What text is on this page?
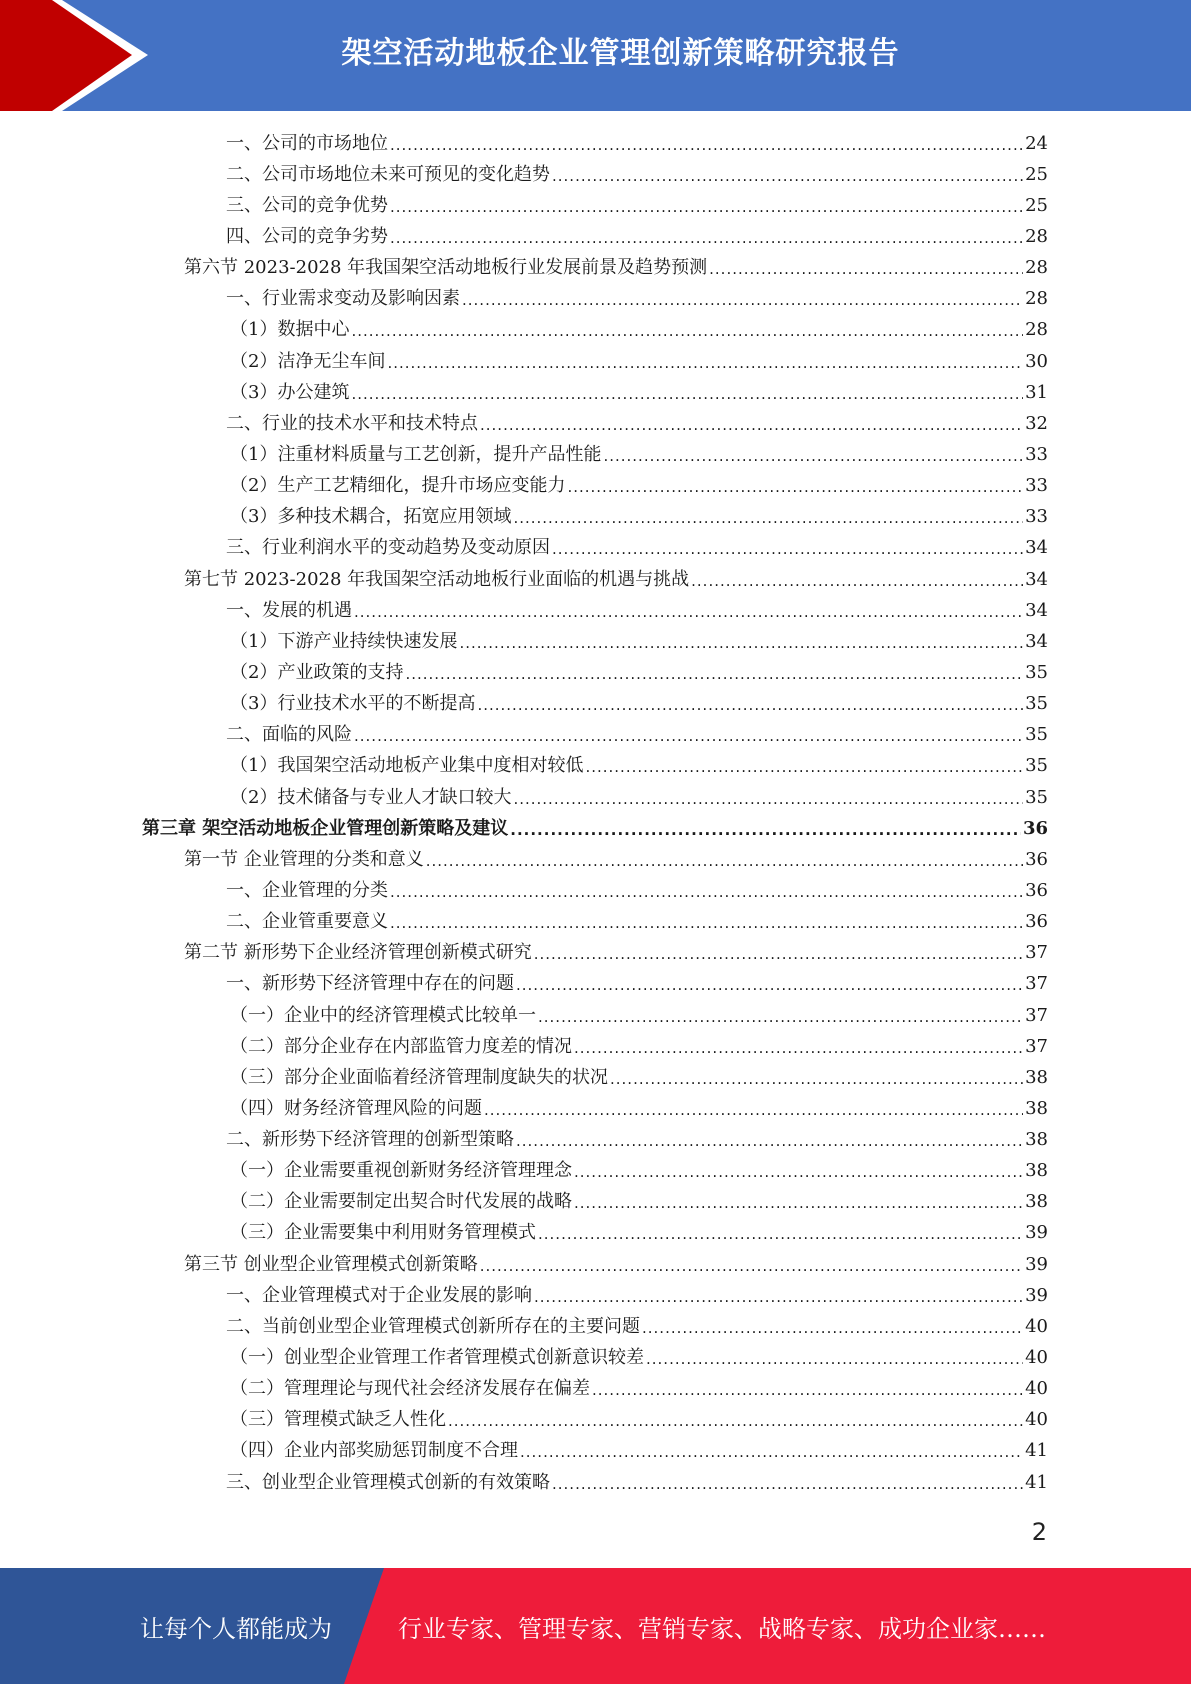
架空活动地板企业管理创新策略研究报告
一、公司的市场地位 .....	24
二、公司市场地位未来可预见的变化趋势 .....	25
三、公司的竞争优势 .....	25
四、公司的竞争劣势 .....	28
第六节 2023-2028 年我国架空活动地板行业发展前景及趋势预测 .....	28
一、行业需求变动及影响因素 .....	28
（1）数据中心 .....	28
（2）洁净无尘车间 .....	30
（3）办公建筑 .....	31
二、行业的技术水平和技术特点 .....	32
（1）注重材料质量与工艺创新，提升产品性能 .....	33
（2）生产工艺精细化，提升市场应变能力 .....	33
（3）多种技术耦合，拓宽应用领域 .....	33
三、行业利润水平的变动趋势及变动原因 .....	34
第七节 2023-2028 年我国架空活动地板行业面临的机遇与挑战 .....	34
一、发展的机遇 .....	34
（1）下游产业持续快速发展 .....	34
（2）产业政策的支持 .....	35
（3）行业技术水平的不断提高 .....	35
二、面临的风险 .....	35
（1）我国架空活动地板产业集中度相对较低 .....	35
（2）技术储备与专业人才缺口较大 .....	35
第三章 架空活动地板企业管理创新策略及建议 .....	36
第一节 企业管理的分类和意义 .....	36
一、企业管理的分类 .....	36
二、企业管重要意义 .....	36
第二节 新形势下企业经济管理创新模式研究 .....	37
一、新形势下经济管理中存在的问题 .....	37
（一）企业中的经济管理模式比较单一 .....	37
（二）部分企业存在内部监管力度差的情况 .....	37
（三）部分企业面临着经济管理制度缺失的状况 .....	38
（四）财务经济管理风险的问题 .....	38
二、新形势下经济管理的创新型策略 .....	38
（一）企业需要重视创新财务经济管理理念 .....	38
（二）企业需要制定出契合时代发展的战略 .....	38
（三）企业需要集中利用财务管理模式 .....	39
第三节 创业型企业管理模式创新策略 .....	39
一、企业管理模式对于企业发展的影响 .....	39
二、当前创业型企业管理模式创新所存在的主要问题 .....	40
（一）创业型企业管理工作者管理模式创新意识较差 .....	40
（二）管理理论与现代社会经济发展存在偏差 .....	40
（三）管理模式缺乏人性化 .....	40
（四）企业内部奖励惩罚制度不合理 .....	41
三、创业型企业管理模式创新的有效策略 .....	41
2
让每个人都能成为	行业专家、管理专家、营销专家、战略专家、成功企业家……
